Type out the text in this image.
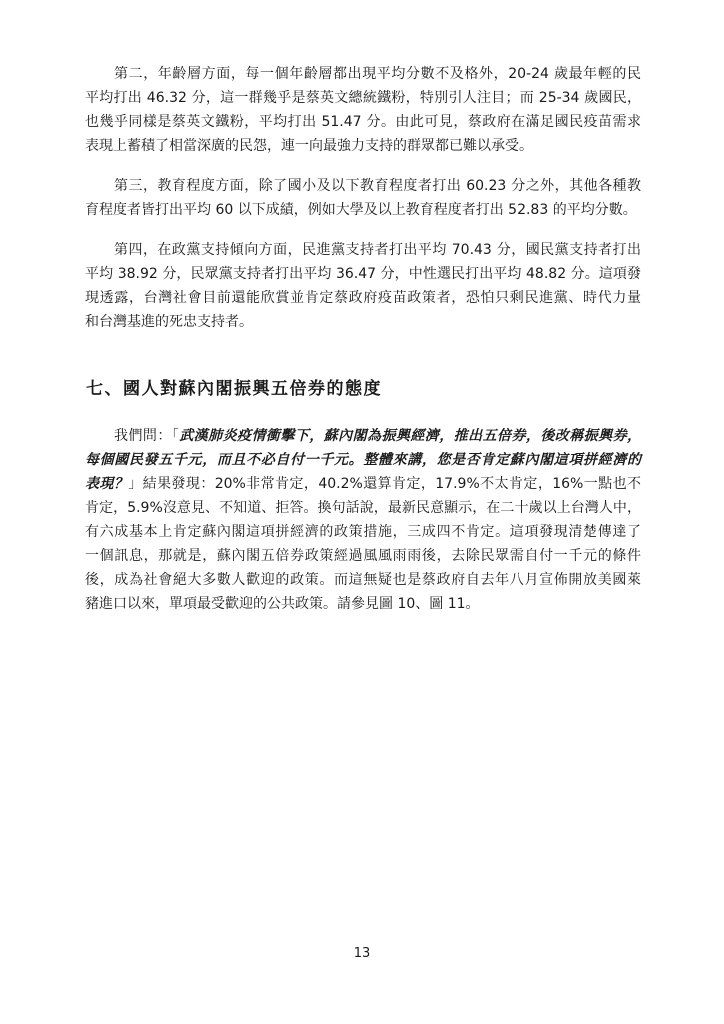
第二，年齡層方面，每一個年齡層都出現平均分數不及格外，20-24 歲最年輕的民
平均打出 46.32 分，這一群幾乎是蔡英文總統鐵粉，特別引人注目；而 25-34 歲國民，
也幾乎同樣是蔡英文鐵粉，平均打出 51.47 分。由此可見，蔡政府在滿足國民疫苗需求
表現上蓄積了相當深廣的民怨，連一向最強力支持的群眾都已難以承受。

第三，教育程度方面，除了國小及以下教育程度者打出 60.23 分之外，其他各種教
育程度者皆打出平均 60 以下成績，例如大學及以上教育程度者打出 52.83 的平均分數。

第四，在政黨支持傾向方面，民進黨支持者打出平均 70.43 分，國民黨支持者打出
平均 38.92 分，民眾黨支持者打出平均 36.47 分，中性選民打出平均 48.82 分。這項發
現透露，台灣社會目前還能欣賞並肯定蔡政府疫苗政策者，恐怕只剩民進黨、時代力量
和台灣基進的死忠支持者。

七、國人對蘇內閣振興五倍券的態度

我們問：「武漢肺炎疫情衝擊下，蘇內閣為振興經濟，推出五倍券，後改稱振興券，
每個國民發五千元，而且不必自付一千元。整體來講，您是否肯定蘇內閣這項拼經濟的
表現？」結果發現：20%非常肯定，40.2%還算肯定，17.9%不太肯定，16%一點也不
肯定，5.9%沒意見、不知道、拒答。換句話說，最新民意顯示，在二十歲以上台灣人中，
有六成基本上肯定蘇內閣這項拼經濟的政策措施，三成四不肯定。這項發現清楚傳達了
一個訊息，那就是，蘇內閣五倍券政策經過風風雨雨後，去除民眾需自付一千元的條件
後，成為社會絕大多數人歡迎的政策。而這無疑也是蔡政府自去年八月宣佈開放美國萊
豬進口以來，單項最受歡迎的公共政策。請參見圖 10、圖 11。

13
